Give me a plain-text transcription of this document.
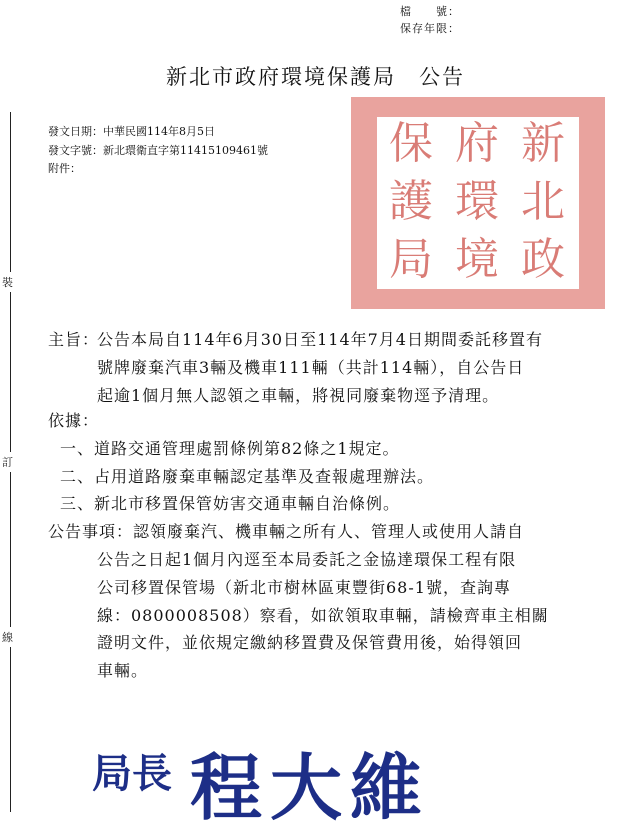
檔　　號：
保存年限：
新北市政府環境保護局　公告
發文日期：中華民國114年8月5日
發文字號：新北環衛直字第11415109461號
附件：	新
北
政
府
環
境
保
護
局
裝
訂
線
主旨：
公告本局自114年6月30日至114年7月4日期間委託移置有
號牌廢棄汽車3輛及機車111輛（共計114輛），自公告日
起逾1個月無人認領之車輛，將視同廢棄物逕予清理。
依據：
一、道路交通管理處罰條例第82條之1規定。
二、占用道路廢棄車輛認定基準及查報處理辦法。
三、新北市移置保管妨害交通車輛自治條例。
公告事項： 認領廢棄汽、機車輛之所有人、管理人或使用人請自
公告之日起1個月內逕至本局委託之金協達環保工程有限
公司移置保管場（新北市樹林區東豐街68-1號，查詢專
線：0800008508）察看，如欲領取車輛，請檢齊車主相關
證明文件，並依規定繳納移置費及保管費用後，始得領回
車輛。
局長 程大維
